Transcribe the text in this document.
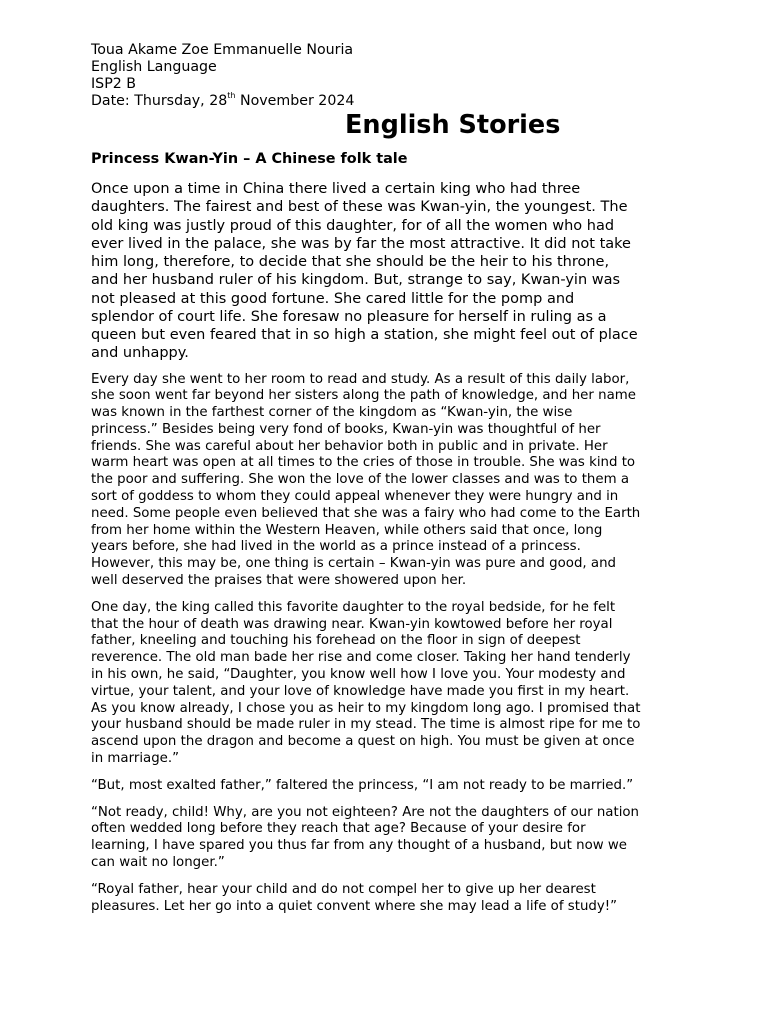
Toua Akame Zoe Emmanuelle Nouria

English Language

ISP2 B

Date: Thursday, 28th November 2024

English Stories
Princess Kwan-Yin – A Chinese folk tale

Once upon a time in China there lived a certain king who had three
daughters. The fairest and best of these was Kwan-yin, the youngest. The
old king was justly proud of this daughter, for of all the women who had
ever lived in the palace, she was by far the most attractive. It did not take
him long, therefore, to decide that she should be the heir to his throne,
and her husband ruler of his kingdom. But, strange to say, Kwan-yin was
not pleased at this good fortune. She cared little for the pomp and
splendor of court life. She foresaw no pleasure for herself in ruling as a
queen but even feared that in so high a station, she might feel out of place
and unhappy.

Every day she went to her room to read and study. As a result of this daily labor,
she soon went far beyond her sisters along the path of knowledge, and her name
was known in the farthest corner of the kingdom as “Kwan-yin, the wise
princess.” Besides being very fond of books, Kwan-yin was thoughtful of her
friends. She was careful about her behavior both in public and in private. Her
warm heart was open at all times to the cries of those in trouble. She was kind to
the poor and suffering. She won the love of the lower classes and was to them a
sort of goddess to whom they could appeal whenever they were hungry and in
need. Some people even believed that she was a fairy who had come to the Earth
from her home within the Western Heaven, while others said that once, long
years before, she had lived in the world as a prince instead of a princess.
However, this may be, one thing is certain – Kwan-yin was pure and good, and
well deserved the praises that were showered upon her.

One day, the king called this favorite daughter to the royal bedside, for he felt
that the hour of death was drawing near. Kwan-yin kowtowed before her royal
father, kneeling and touching his forehead on the floor in sign of deepest
reverence. The old man bade her rise and come closer. Taking her hand tenderly
in his own, he said, “Daughter, you know well how I love you. Your modesty and
virtue, your talent, and your love of knowledge have made you first in my heart.
As you know already, I chose you as heir to my kingdom long ago. I promised that
your husband should be made ruler in my stead. The time is almost ripe for me to
ascend upon the dragon and become a quest on high. You must be given at once
in marriage.”

“But, most exalted father,” faltered the princess, “I am not ready to be married.”

“Not ready, child! Why, are you not eighteen? Are not the daughters of our nation
often wedded long before they reach that age? Because of your desire for
learning, I have spared you thus far from any thought of a husband, but now we
can wait no longer.”

“Royal father, hear your child and do not compel her to give up her dearest
pleasures. Let her go into a quiet convent where she may lead a life of study!”
